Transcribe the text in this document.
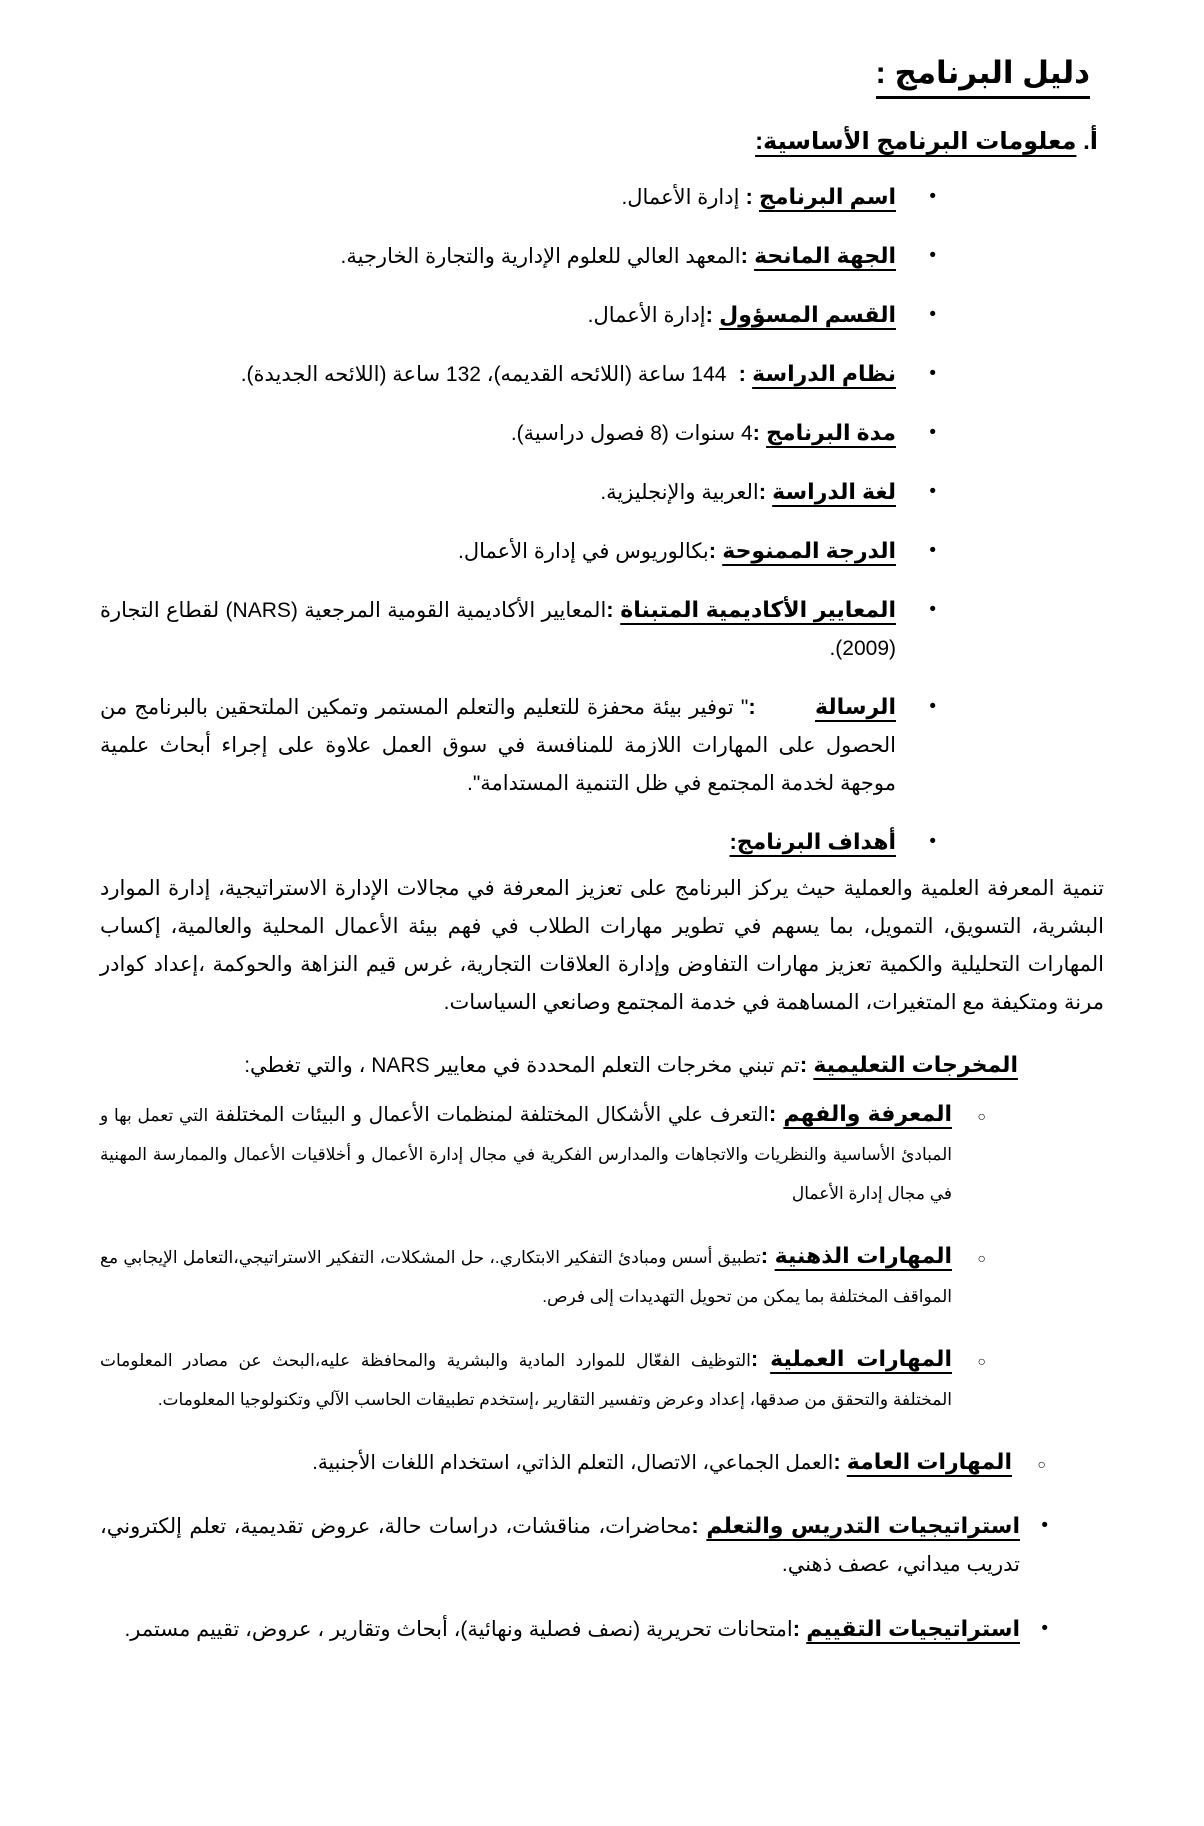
دليل البرنامج :
أ. معلومات البرنامج الأساسية:
•
اسم البرنامج : إدارة الأعمال.
•
الجهة المانحة :المعهد العالي للعلوم الإدارية والتجارة الخارجية.
•
القسم المسؤول :إدارة الأعمال.
•
نظام الدراسة :  144 ساعة (اللائحه القديمه)، 132 ساعة (اللائحه الجديدة).
•
مدة البرنامج :4 سنوات (8 فصول دراسية).
•
لغة الدراسة :العربية والإنجليزية.
•
الدرجة الممنوحة :بكالوريوس في إدارة الأعمال.
•
المعايير الأكاديمية المتبناة :المعايير الأكاديمية القومية المرجعية (NARS) لقطاع التجارة (2009).
•
الرسالة        :" توفير بيئة محفزة للتعليم والتعلم المستمر وتمكين الملتحقين بالبرنامج من الحصول على المهارات اللازمة للمنافسة في سوق العمل علاوة على إجراء أبحاث علمية موجهة لخدمة المجتمع في ظل التنمية المستدامة".
•
أهداف البرنامج:

تنمية المعرفة العلمية والعملية حيث يركز البرنامج على تعزيز المعرفة في مجالات الإدارة الاستراتيجية، إدارة الموارد البشرية، التسويق، التمويل، بما يسهم في تطوير مهارات الطلاب في فهم بيئة الأعمال المحلية والعالمية، إكساب المهارات التحليلية والكمية تعزيز مهارات التفاوض وإدارة العلاقات التجارية، غرس قيم النزاهة والحوكمة ،إعداد كوادر مرنة ومتكيفة مع المتغيرات، المساهمة في خدمة المجتمع وصانعي السياسات.

المخرجات التعليمية :تم تبني مخرجات التعلم المحددة في معايير NARS ، والتي تغطي:
○
المعرفة والفهم :التعرف علي الأشكال المختلفة لمنظمات الأعمال و البيئات المختلفة التي تعمل بها و المبادئ الأساسية والنظريات والاتجاهات والمدارس الفكرية في مجال إدارة الأعمال و أخلاقيات الأعمال والممارسة المهنية في مجال إدارة الأعمال
○
المهارات الذهنية :تطبيق أسس ومبادئ التفكير الابتكاري.، حل المشكلات، التفكير الاستراتيجي،التعامل الإيجابي مع المواقف المختلفة بما يمكن من تحويل التهديدات إلى فرص.
○
المهارات العملية :التوظيف الفعّال للموارد المادية والبشرية والمحافظة عليه،البحث عن مصادر المعلومات المختلفة والتحقق من صدقها، إعداد وعرض وتفسير التقارير ،إستخدم تطبيقات الحاسب الآلي وتكنولوجيا المعلومات.
○
المهارات العامة :العمل الجماعي، الاتصال، التعلم الذاتي، استخدام اللغات الأجنبية.
•
استراتيجيات التدريس والتعلم :محاضرات، مناقشات، دراسات حالة، عروض تقديمية، تعلم إلكتروني، تدريب ميداني، عصف ذهني.
•
استراتيجيات التقييم :امتحانات تحريرية (نصف فصلية ونهائية)، أبحاث وتقارير ، عروض، تقييم مستمر.
